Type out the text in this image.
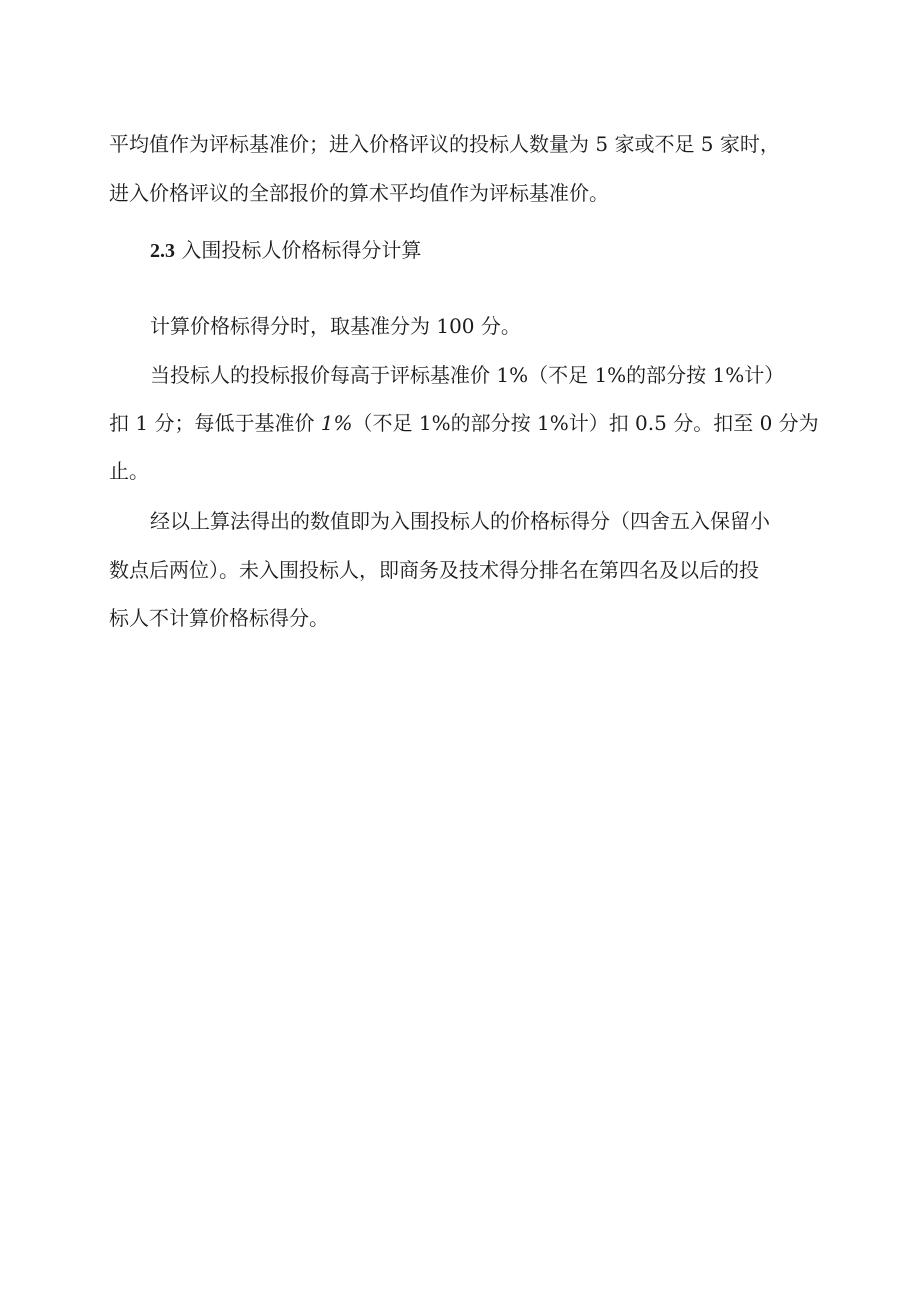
平均值作为评标基准价；进入价格评议的投标人数量为 5 家或不足 5 家时，
进入价格评议的全部报价的算术平均值作为评标基准价。
2.3 入围投标人价格标得分计算
计算价格标得分时，取基准分为 100 分。
当投标人的投标报价每高于评标基准价 1%（不足 1%的部分按 1%计）
扣 1 分；每低于基准价 1%（不足 1%的部分按 1%计）扣 0.5 分。扣至 0 分为
止。
经以上算法得出的数值即为入围投标人的价格标得分（四舍五入保留小
数点后两位）。未入围投标人，即商务及技术得分排名在第四名及以后的投
标人不计算价格标得分。
